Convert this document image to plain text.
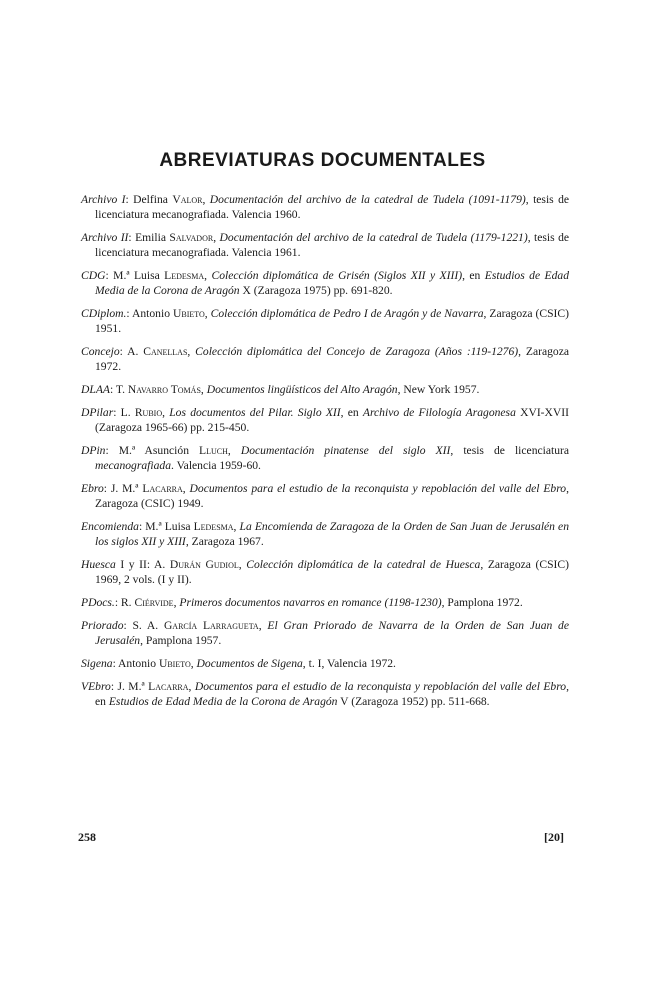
ABREVIATURAS DOCUMENTALES

Archivo I: Delfina Valor, Documentación del archivo de la catedral de Tudela (1091-1179), tesis de licenciatura mecanografiada. Valencia 1960.

Archivo II: Emilia Salvador, Documentación del archivo de la catedral de Tudela (1179-1221), tesis de licenciatura mecanografiada. Valencia 1961.

CDG: M.ª Luisa Ledesma, Colección diplomática de Grisén (Siglos XII y XIII), en Estudios de Edad Media de la Corona de Aragón X (Zaragoza 1975) pp. 691-820.

CDiplom.: Antonio Ubieto, Colección diplomática de Pedro I de Aragón y de Navarra, Zaragoza (CSIC) 1951.

Concejo: A. Canellas, Colección diplomática del Concejo de Zaragoza (Años :119-1276), Zaragoza 1972.

DLAA: T. Navarro Tomás, Documentos lingüísticos del Alto Aragón, New York 1957.

DPilar: L. Rubio, Los documentos del Pilar. Siglo XII, en Archivo de Filología Aragonesa XVI-XVII (Zaragoza 1965-66) pp. 215-450.

DPin: M.ª Asunción Lluch, Documentación pinatense del siglo XII, tesis de licenciatura mecanografiada. Valencia 1959-60.

Ebro: J. M.ª Lacarra, Documentos para el estudio de la reconquista y repoblación del valle del Ebro, Zaragoza (CSIC) 1949.

Encomienda: M.ª Luisa Ledesma, La Encomienda de Zaragoza de la Orden de San Juan de Jerusalén en los siglos XII y XIII, Zaragoza 1967.

Huesca I y II: A. Durán Gudiol, Colección diplomática de la catedral de Huesca, Zaragoza (CSIC) 1969, 2 vols. (I y II).

PDocs.: R. Ciérvide, Primeros documentos navarros en romance (1198-1230), Pamplona 1972.

Priorado: S. A. García Larragueta, El Gran Priorado de Navarra de la Orden de San Juan de Jerusalén, Pamplona 1957.

Sigena: Antonio Ubieto, Documentos de Sigena, t. I, Valencia 1972.

VEbro: J. M.ª Lacarra, Documentos para el estudio de la reconquista y repoblación del valle del Ebro, en Estudios de Edad Media de la Corona de Aragón V (Zaragoza 1952) pp. 511-668.

258	[20]
